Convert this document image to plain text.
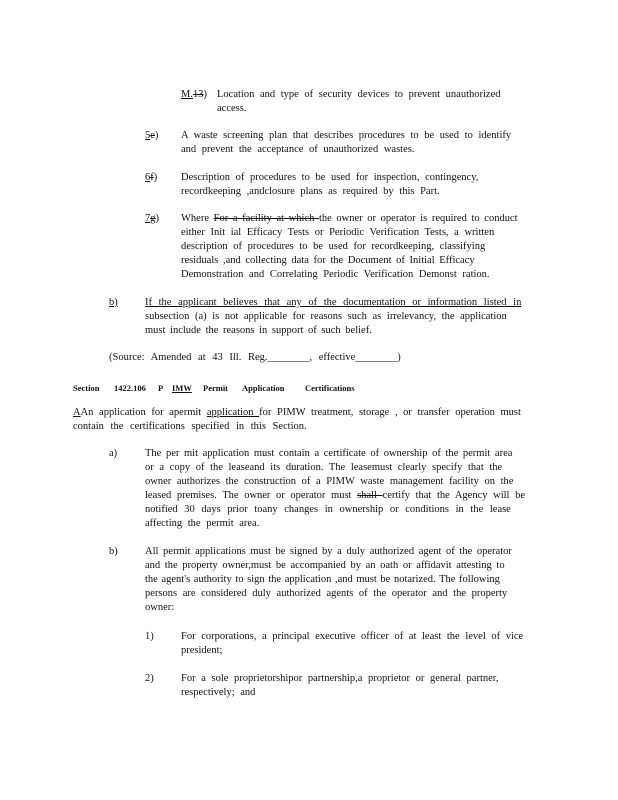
M.13) Location and type of security devices to prevent unauthorized
access.
5e) A waste screening plan that describes procedures to be used to identify
and prevent the acceptance of unauthorized wastes.
6f) Description of procedures to be used for inspection, contingency,
recordkeeping ,andclosure plans as required by this Part.
7g) Where For a facility at which the owner or operator is required to conduct
either Init ial Efficacy Tests or Periodic Verification Tests, a written
description of procedures to be used for recordkeeping, classifying
residuals ,and collecting data for the Document of Initial Efficacy
Demonstration and Correlating Periodic Verification Demonst ration.
b)	If the applicant believes that any of the documentation or information listed in
subsection (a) is not applicable for reasons such as irrelevancy, the application
must include the reasons in support of such belief.
(Source: Amended at 43 Ill. Reg.________, effective________)
Section 1422.106 P IMW Permit Application Certifications
AAn application for apermit application for PIMW treatment, storage , or transfer operation must
contain the certifications specified in this Section.
a)	The per mit application must contain a certificate of ownership of the permit area
or a copy of the leaseand its duration. The leasemust clearly specify that the
owner authorizes the construction of a PIMW waste management facility on the
leased premises. The owner or operator must shall certify that the Agency will be
notified 30 days prior toany changes in ownership or conditions in the lease
affecting the permit area.
b)	All permit applications must be signed by a duly authorized agent of the operator
and the property owner,must be accompanied by an oath or affidavit attesting to
the agent's authority to sign the application ,and must be notarized. The following
persons are considered duly authorized agents of the operator and the property
owner:
1)	For corporations, a principal executive officer of at least the level of vice
president;
2)	For a sole proprietorshipor partnership,a proprietor or general partner,
respectively; and
